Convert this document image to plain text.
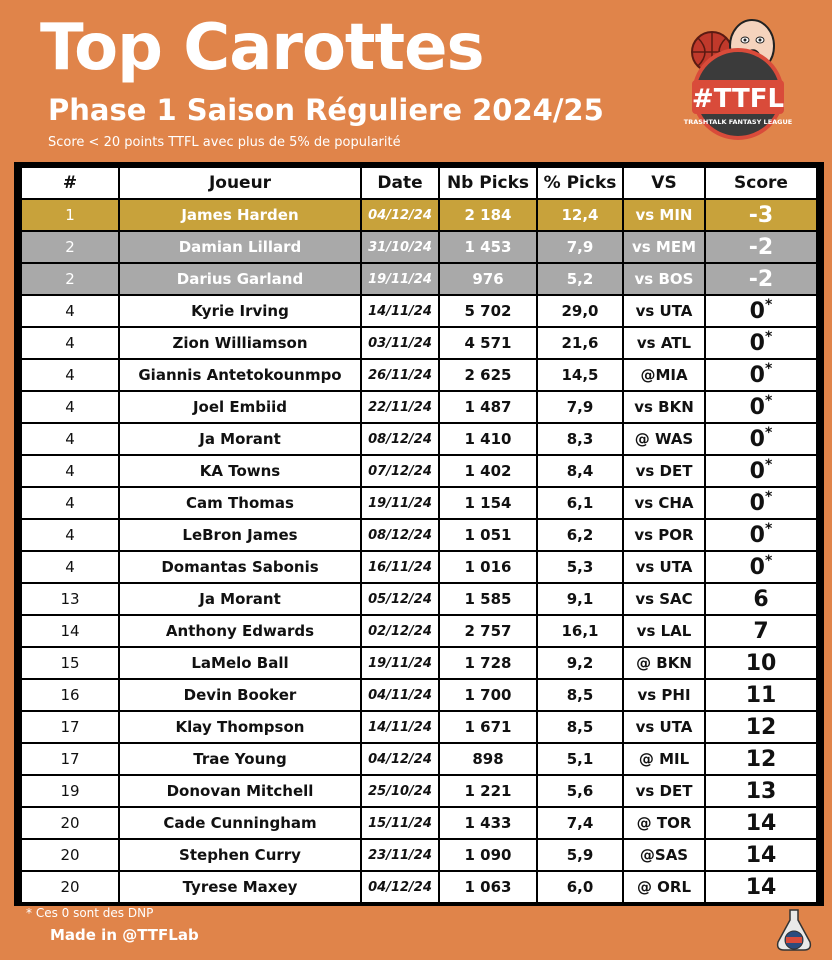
Top Carottes
Phase 1 Saison Réguliere 2024/25
Score < 20 points TTFL avec plus de 5% de popularité
#TTFL
TRASHTALK FANTASY LEAGUE
#	Joueur	Date	Nb Picks	% Picks	VS	Score
1	James Harden	04/12/24	2 184	12,4	vs MIN	-3
2	Damian Lillard	31/10/24	1 453	7,9	vs MEM	-2
2	Darius Garland	19/11/24	976	5,2	vs BOS	-2
4	Kyrie Irving	14/11/24	5 702	29,0	vs UTA	0*
4	Zion Williamson	03/11/24	4 571	21,6	vs ATL	0*
4	Giannis Antetokounmpo	26/11/24	2 625	14,5	@MIA	0*
4	Joel Embiid	22/11/24	1 487	7,9	vs BKN	0*
4	Ja Morant	08/12/24	1 410	8,3	@ WAS	0*
4	KA Towns	07/12/24	1 402	8,4	vs DET	0*
4	Cam Thomas	19/11/24	1 154	6,1	vs CHA	0*
4	LeBron James	08/12/24	1 051	6,2	vs POR	0*
4	Domantas Sabonis	16/11/24	1 016	5,3	vs UTA	0*
13	Ja Morant	05/12/24	1 585	9,1	vs SAC	6
14	Anthony Edwards	02/12/24	2 757	16,1	vs LAL	7
15	LaMelo Ball	19/11/24	1 728	9,2	@ BKN	10
16	Devin Booker	04/11/24	1 700	8,5	vs PHI	11
17	Klay Thompson	14/11/24	1 671	8,5	vs UTA	12
17	Trae Young	04/12/24	898	5,1	@ MIL	12
19	Donovan Mitchell	25/10/24	1 221	5,6	vs DET	13
20	Cade Cunningham	15/11/24	1 433	7,4	@ TOR	14
20	Stephen Curry	23/11/24	1 090	5,9	@SAS	14
20	Tyrese Maxey	04/12/24	1 063	6,0	@ ORL	14
* Ces 0 sont des DNP
Made in @TTFLab
